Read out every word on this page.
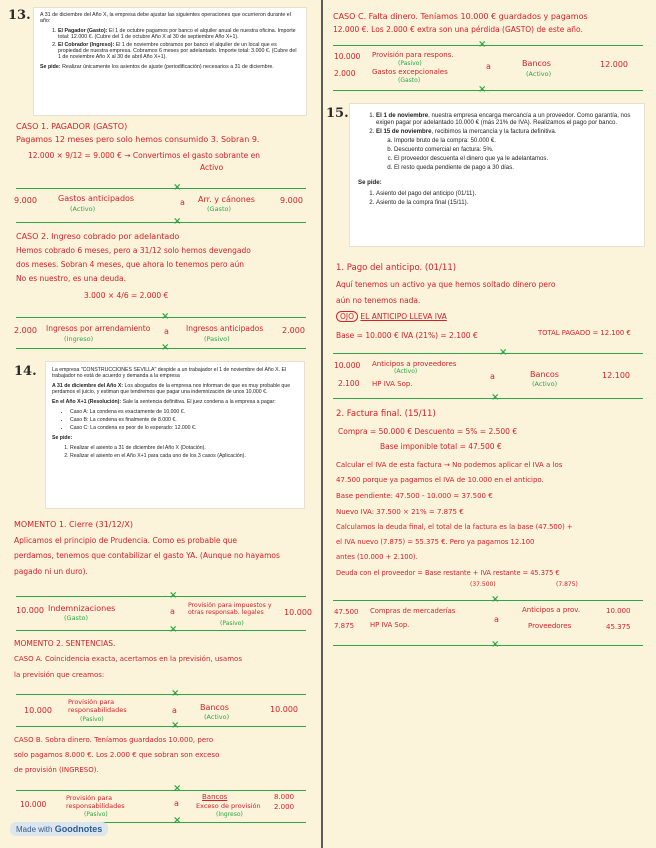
13. A 31 de diciembre del Año X, la empresa debe ajustar las siguientes operaciones que ocurrieron durante el año:

1. El Pagador (Gasto): El 1 de octubre pagamos por banco el alquiler anual de nuestra oficina. Importe total: 12.000 €. (Cubre del 1 de octubre Año X al 30 de septiembre Año X+1).
2. El Cobrador (Ingreso): El 1 de noviembre cobramos por banco el alquiler de un local que es propiedad de nuestra empresa. Cobramos 6 meses por adelantado. Importe total: 3.000 €. (Cubre del 1 de noviembre Año X al 30 de abril Año X+1).

Se pide: Realizar únicamente los asientos de ajuste (periodificación) necesarios a 31 de diciembre.

CASO 1. PAGADOR (GASTO)
Pagamos 12 meses pero solo hemos consumido 3. Sobran 9.
12.000 × 9/12 = 9.000 € → Convertimos el gasto sobrante en
Activo
×
9.000	Gastos anticipados
(Activo)
a Arr. y cánones
(Gasto)
9.000
×
CASO 2. Ingreso cobrado por adelantado
Hemos cobrado 6 meses, pero a 31/12 solo hemos devengado
dos meses. Sobran 4 meses, que ahora lo tenemos pero aún
No es nuestro, es una deuda.
3.000 × 4/6 = 2.000 €
×
2.000 Ingresos por arrendamiento
(Ingreso)
a Ingresos anticipados
(Pasivo)
2.000
×
14.	La empresa "CONSTRUCCIONES SEVILLA" despide a un trabajador el 1 de noviembre del Año X. El trabajador no está de acuerdo y demanda a la empresa

A 31 de diciembre del Año X: Los abogados de la empresa nos informan de que es muy probable que perdamos el juicio, y estiman que tendremos que pagar una indemnización de unos 10.000 €.

En el Año X+1 (Resolución): Sale la sentencia definitiva. El juez condena a la empresa a pagar:

• Caso A: La condena es exactamente de 10.000 €.
• Caso B: La condena es finalmente de 8.000 €.
• Caso C: La condena es peor de lo esperado: 12.000 €.

Se pide:

1. Realizar el asiento a 31 de diciembre del Año X (Dotación).
2. Realizar el asiento en el Año X+1 para cada uno de los 3 casos (Aplicación).
MOMENTO 1. Cierre (31/12/X)
Aplicamos el principio de Prudencia. Como es probable que
perdamos, tenemos que contabilizar el gasto YA. (Aunque no hayamos
pagado ni un duro).
×
10.000 Indemnizaciones
(Gasto)
a
Provisión para impuestos y otras responsab. legales
(Pasivo)
10.000
×
MOMENTO 2. SENTENCIAS.
CASO A. Coincidencia exacta, acertamos en la previsión, usamos
la previsión que creamos:
×
10.000
Provisión para responsabilidades
(Pasivo)
a	Bancos
(Activo)
10.000
×
CASO B. Sobra dinero. Teníamos guardados 10.000, pero
solo pagamos 8.000 €. Los 2.000 € que sobran son exceso
de provisión (INGRESO).
×
10.000
Provisión para responsabilidades
(Pasivo)
a
Bancos
Exceso de provisión
(Ingreso)
8.000
2.000
×
Made with Goodnotes
CASO C. Falta dinero. Teníamos 10.000 € guardados y pagamos
12.000 €. Los 2.000 € extra son una pérdida (GASTO) de este año.
×
10.000 Provisión para respons.
(Pasivo)
2.000 Gastos excepcionales
(Gasto)
a	Bancos
(Activo)
12.000
×
15.
1.	El 1 de noviembre, nuestra empresa encarga mercancía a un proveedor. Como garantía, nos exigen pagar por adelantado 10.000 € (más 21% de IVA). Realizamos el pago por banco.
2. El 15 de noviembre, recibimos la mercancía y la factura definitiva.
a. Importe bruto de la compra: 50.000 €.
b. Descuento comercial en factura: 5%.
c. El proveedor descuenta el dinero que ya le adelantamos.
d. El resto queda pendiente de pago a 30 días.

Se pide:

1. Asiento del pago del anticipo (01/11).
2. Asiento de la compra final (15/11).
1. Pago del anticipo. (01/11)
Aquí tenemos un activo ya que hemos soltado dinero pero
aún no tenemos nada.
OJO EL ANTICIPO LLEVA IVA
Base = 10.000 € IVA (21%) = 2.100 €	TOTAL PAGADO = 12.100 €
×
10.000 Anticipos a proveedores
(Activo)
2.100 HP IVA Sop.
a	Bancos
(Activo)
12.100
×
2. Factura final. (15/11)
Compra = 50.000 € Descuento = 5% = 2.500 €
Base imponible total = 47.500 €
Calcular el IVA de esta factura → No podemos aplicar el IVA a los
47.500 porque ya pagamos el IVA de 10.000 en el anticipo.
Base pendiente: 47.500 - 10.000 = 37.500 €
Nuevo IVA: 37.500 × 21% = 7.875 €
Calculamos la deuda final, el total de la factura es la base (47.500) +
el IVA nuevo (7.875) = 55.375 €. Pero ya pagamos 12.100
antes (10.000 + 2.100).
Deuda con el proveedor = Base restante + IVA restante = 45.375 €
(37.500)	(7.875)
×
47.500 Compras de mercaderías
7.875 HP IVA Sop.
a
Anticipos a prov.
Proveedores
10.000
45.375
×
